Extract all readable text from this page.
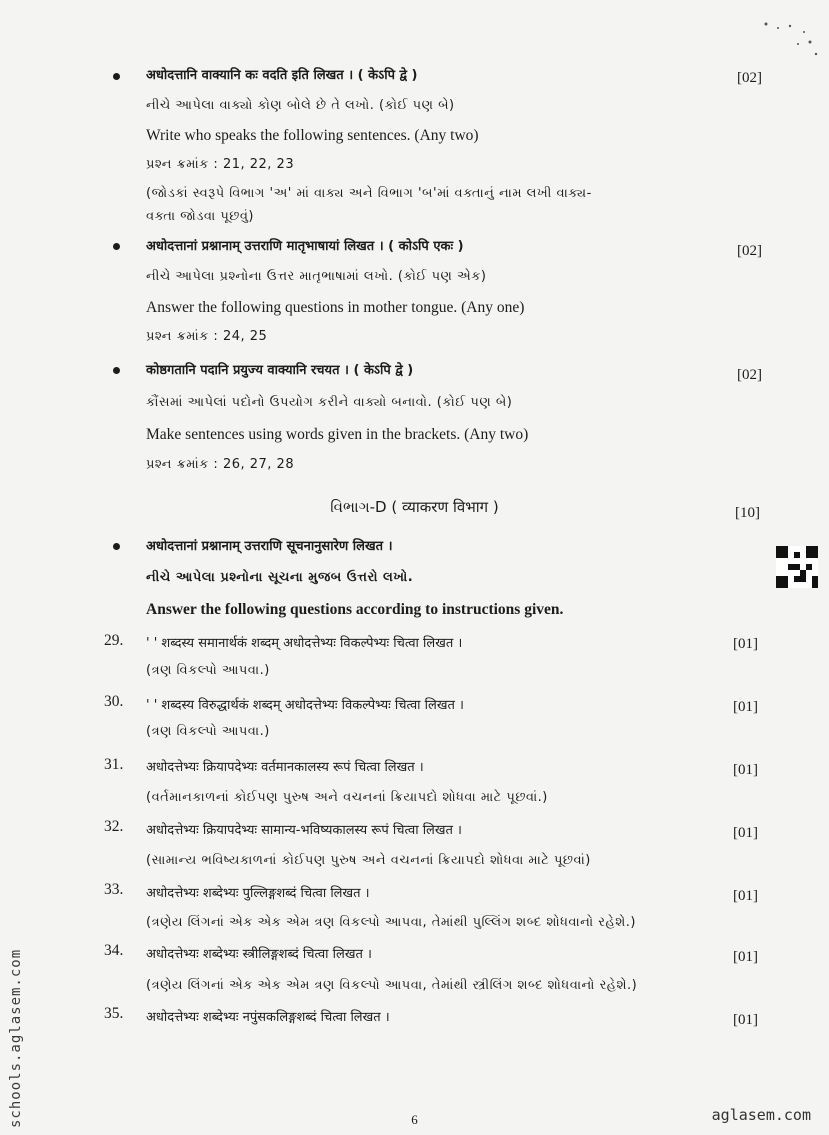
अधोदत्तानि वाक्यानि कः वदति इति लिखत । ( केऽपि द्वे )	[02]
નીચે આપેલા વાક્યો કોણ બોલે છે તે લખો. (કોઈ પણ બે)
Write who speaks the following sentences. (Any two)
પ્રશ્ન ક્રમાંક : 21, 22, 23
(જોડકાં સ્વરૂપે વિભાગ 'અ' માં વાક્ય અને વિભાગ 'બ'માં વક્તાનું નામ લખી વાક્ય-
વક્તા જોડવા પૂછવું)
अधोदत्तानां प्रश्नानाम् उत्तराणि मातृभाषायां लिखत । ( कोऽपि एकः )	[02]
નીચે આપેલા પ્રશ્નોના ઉત્તર માતૃભાષામાં લખો. (કોઈ પણ એક)
Answer the following questions in mother tongue. (Any one)
પ્રશ્ન ક્રમાંક : 24, 25
कोष्ठगतानि पदानि प्रयुज्य वाक्यानि रचयत । ( केऽपि द्वे )	[02]
કૌંસમાં આપેલાં પદોનો ઉપયોગ કરીને વાક્યો બનાવો. (કોઈ પણ બે)
Make sentences using words given in the brackets. (Any two)
પ્રશ્ન ક્રમાંક : 26, 27, 28
વિભાગ-D ( व्याकरण विभाग )	[10]
अधोदत्तानां प्रश्नानाम् उत्तराणि सूचनानुसारेण लिखत ।
નીચે આપેલા પ્રશ્નોના સૂચના મુજબ ઉત્તરો લખો.
Answer the following questions according to instructions given.
29. ' ' शब्दस्य समानार्थकं शब्दम् अधोदत्तेभ्यः विकल्पेभ्यः चित्वा लिखत ।	[01]
(ત્રણ વિકલ્પો આપવા.)
30. ' ' शब्दस्य विरुद्धार्थकं शब्दम् अधोदत्तेभ्यः विकल्पेभ्यः चित्वा लिखत ।	[01]
(ત્રણ વિકલ્પો આપવા.)
31. अधोदत्तेभ्यः क्रियापदेभ्यः वर्तमानकालस्य रूपं चित्वा लिखत ।	[01]
(વર્તમાનકાળનાં કોઈપણ પુરુષ અને વચનનાં ક્રિયાપદો શોધવા માટે પૂછવાં.)
32. अधोदत्तेभ्यः क्रियापदेभ्यः सामान्य-भविष्यकालस्य रूपं चित्वा लिखत ।	[01]
(સામાન્ય ભવિષ્યકાળનાં કોઈપણ પુરુષ અને વચનનાં ક્રિયાપદો શોધવા માટે પૂછવાં)
33. अधोदत्तेभ्यः शब्देभ्यः पुल्लिङ्गशब्दं चित्वा लिखत ।	[01]
(ત્રણેય લિંગનાં એક એક એમ ત્રણ વિકલ્પો આપવા, તેમાંથી પુલ્લિંગ શબ્દ શોધવાનો રહેશે.)
34. अधोदत्तेभ्यः शब्देभ्यः स्त्रीलिङ्गशब्दं चित्वा लिखत ।	[01]
(ત્રણેય લિંગનાં એક એક એમ ત્રણ વિકલ્પો આપવા, તેમાંથી સ્ત્રીલિંગ શબ્દ શોધવાનો રહેશે.)
35. अधोदत्तेभ्यः शब्देभ्यः नपुंसकलिङ्गशब्दं चित्वा लिखत ।	[01]
6	aglasem.com
schools.aglasem.com
